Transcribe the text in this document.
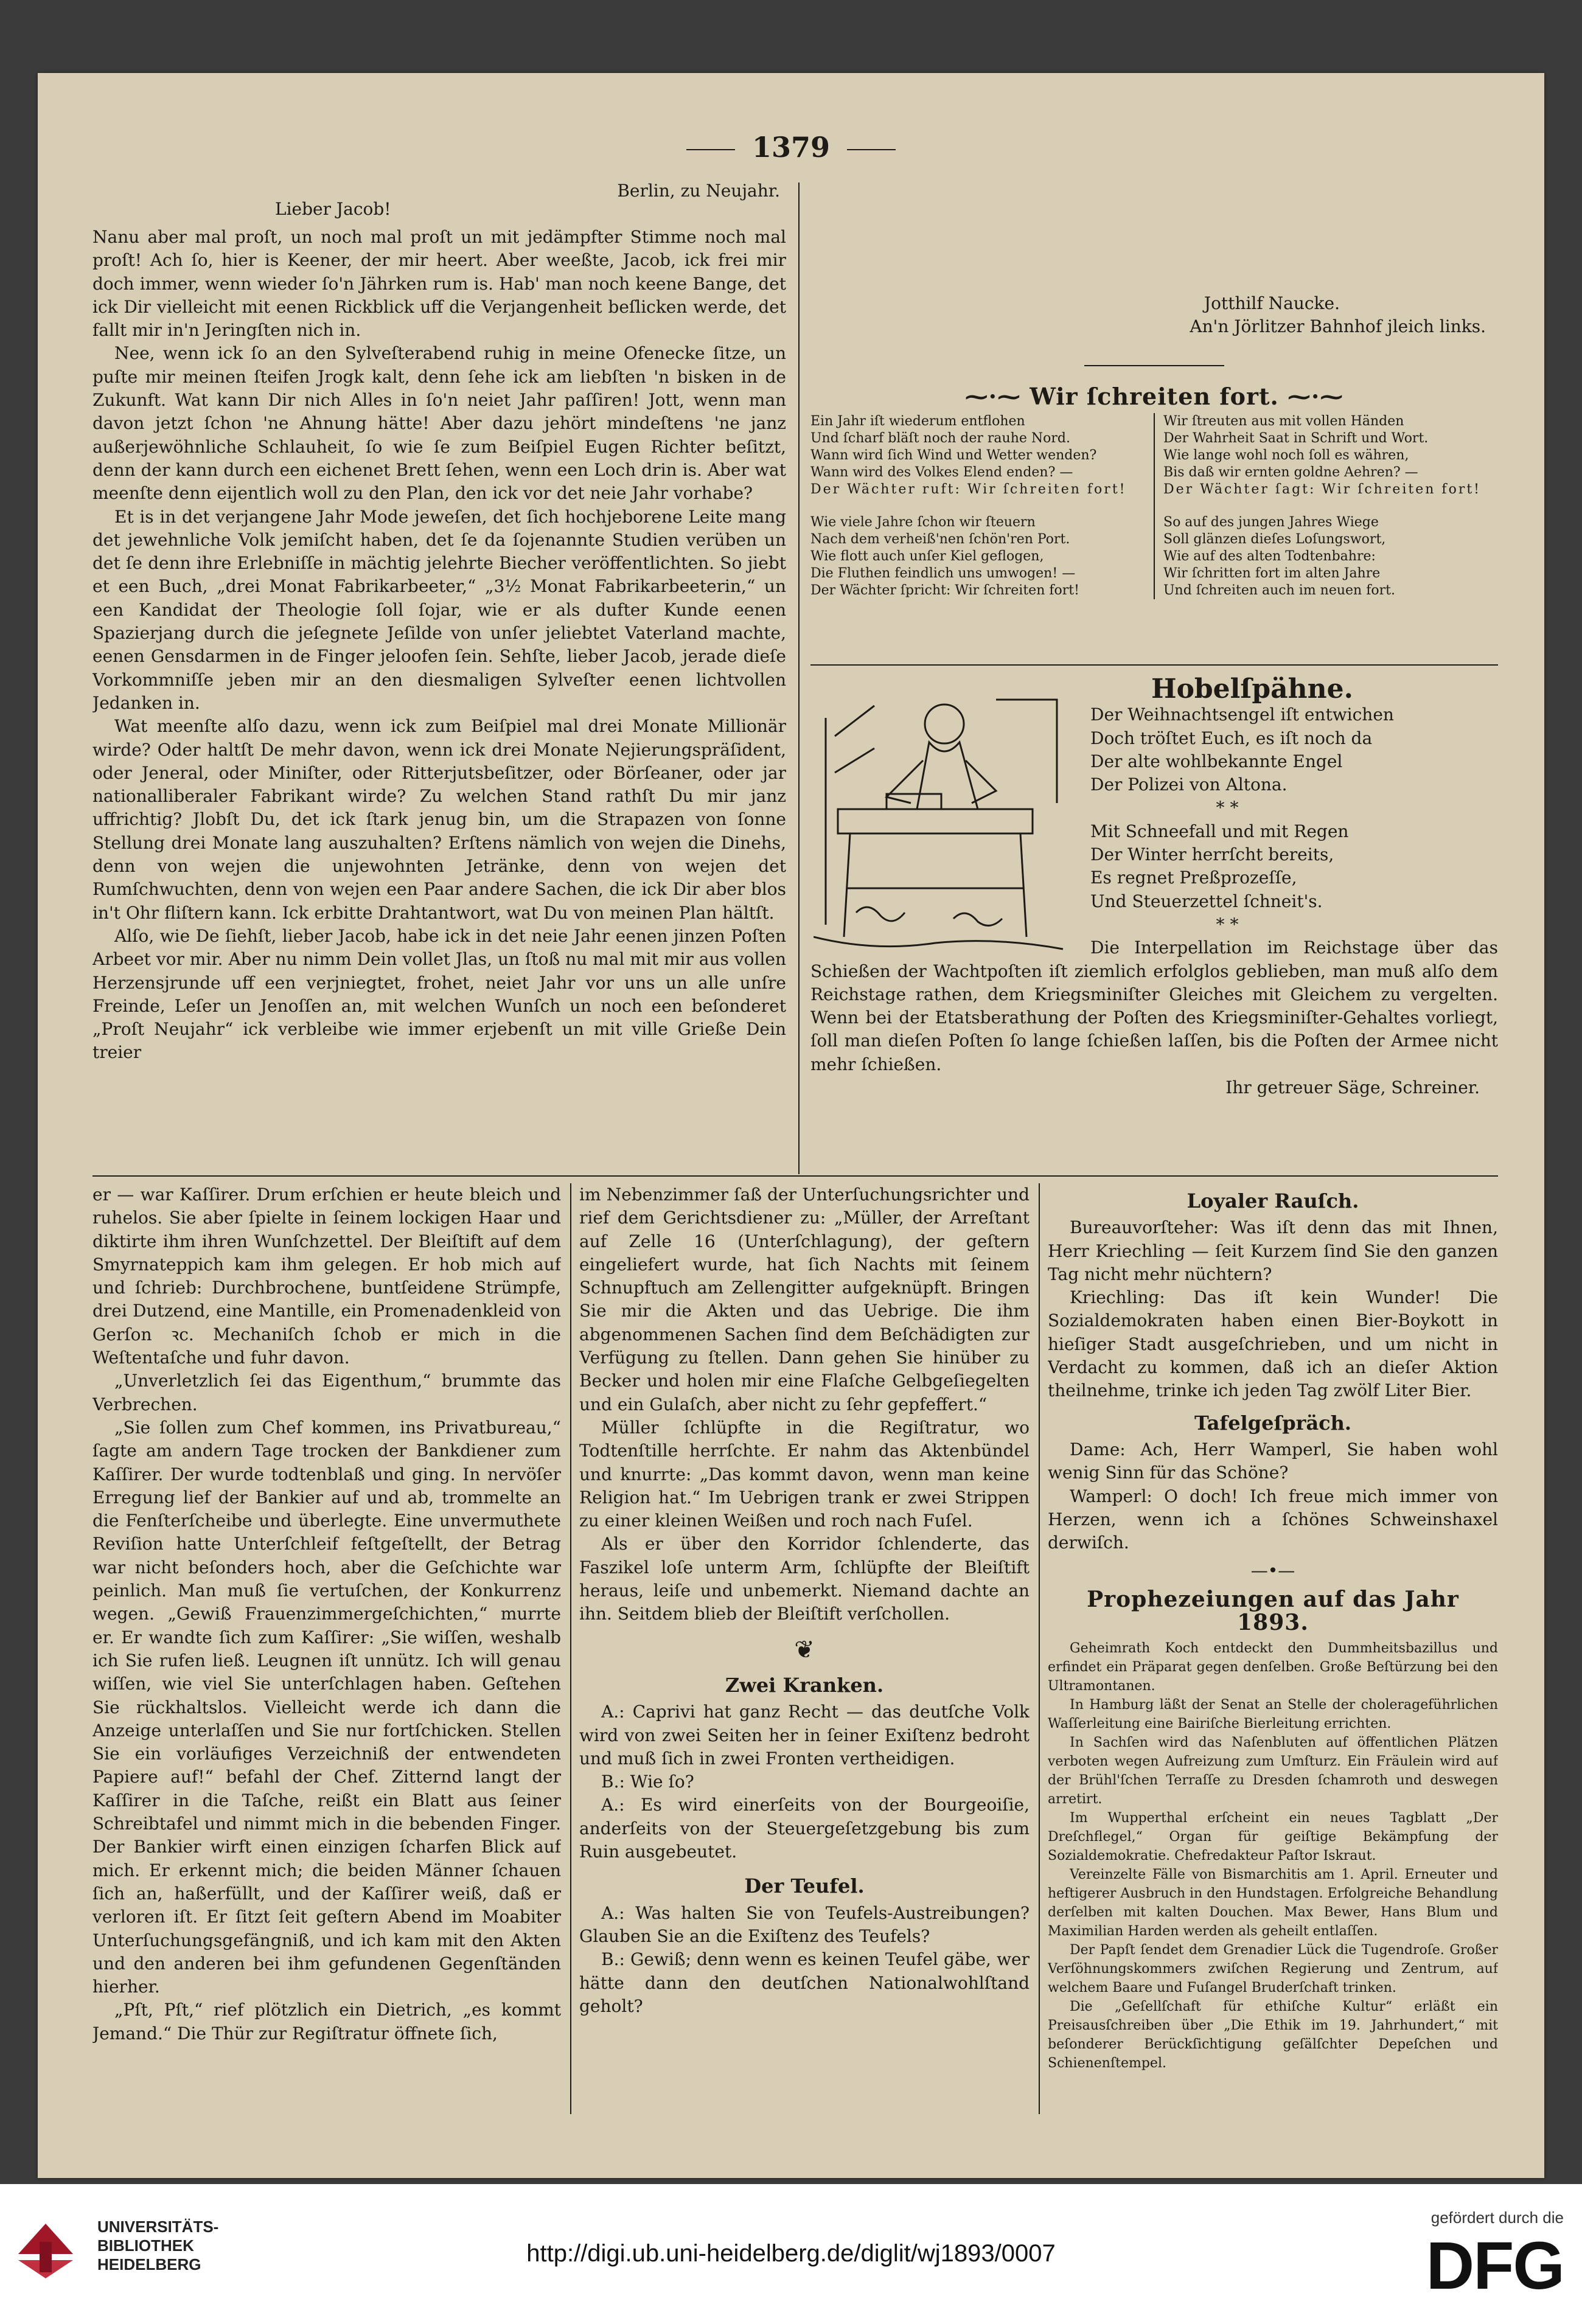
1379
Lieber Jacob!
Berlin, zu Neujahr.

Nanu aber mal proſt, un noch mal proſt un mit jedämpfter Stimme noch mal proſt! Ach ſo, hier is Keener, der mir heert. Aber weeßte, Jacob, ick frei mir doch immer, wenn wieder ſo'n Jährken rum is. Hab' man noch keene Bange, det ick Dir vielleicht mit eenen Rickblick uff die Verjangenheit beſlicken werde, det fallt mir in'n Jeringſten nich in.

Nee, wenn ick ſo an den Sylveſterabend ruhig in meine Ofenecke ſitze, un puſte mir meinen ſteifen Jrogk kalt, denn ſehe ick am liebſten 'n bisken in de Zukunft. Wat kann Dir nich Alles in ſo'n neiet Jahr paſſiren! Jott, wenn man davon jetzt ſchon 'ne Ahnung hätte! Aber dazu jehört mindeſtens 'ne janz außerjewöhnliche Schlauheit, ſo wie ſe zum Beiſpiel Eugen Richter beſitzt, denn der kann durch een eichenet Brett ſehen, wenn een Loch drin is. Aber wat meenſte denn eijentlich woll zu den Plan, den ick vor det neie Jahr vorhabe?

Et is in det verjangene Jahr Mode jeweſen, det ſich hochjeborene Leite mang det jewehnliche Volk jemiſcht haben, det ſe da ſojenannte Studien verüben un det ſe denn ihre Erlebniſſe in mächtig jelehrte Biecher veröffentlichten. So jiebt et een Buch, „drei Monat Fabrikarbeeter,“ „3½ Monat Fabrikarbeeterin,“ un een Kandidat der Theologie ſoll ſojar, wie er als dufter Kunde eenen Spazierjang durch die jeſegnete Jeſilde von unſer jeliebtet Vaterland machte, eenen Gensdarmen in de Finger jeloofen ſein. Sehſte, lieber Jacob, jerade dieſe Vorkommniſſe jeben mir an den diesmaligen Sylveſter eenen lichtvollen Jedanken in.

Wat meenſte alſo dazu, wenn ick zum Beiſpiel mal drei Monate Millionär wirde? Oder haltſt De mehr davon, wenn ick drei Monate Nejierungspräſident, oder Jeneral, oder Miniſter, oder Ritterjutsbeſitzer, oder Börſeaner, oder jar nationalliberaler Fabrikant wirde? Zu welchen Stand rathſt Du mir janz uffrichtig? Jlobſt Du, det ick ſtark jenug bin, um die Strapazen von ſonne Stellung drei Monate lang auszuhalten? Erſtens nämlich von wejen die Dinehs, denn von wejen die unjewohnten Jetränke, denn von wejen det Rumſchwuchten, denn von wejen een Paar andere Sachen, die ick Dir aber blos in't Ohr fliſtern kann. Ick erbitte Drahtantwort, wat Du von meinen Plan hältſt.

Alſo, wie De ſiehſt, lieber Jacob, habe ick in det neie Jahr eenen jinzen Poſten Arbeet vor mir. Aber nu nimm Dein vollet Jlas, un ſtoß nu mal mit mir aus vollen Herzensjrunde uff een verjniegtet, frohet, neiet Jahr vor uns un alle unſre Freinde, Leſer un Jenoſſen an, mit welchen Wunſch un noch een beſonderet „Proſt Neujahr“ ick verbleibe wie immer erjebenſt un mit ville Grieße Dein treier

Jotthilf Naucke.
An'n Jörlitzer Bahnhof jleich links.
⁓·⁓ Wir ſchreiten fort. ⁓·⁓
Ein Jahr iſt wiederum entflohen
Und ſcharf bläſt noch der rauhe Nord.
Wann wird ſich Wind und Wetter wenden?
Wann wird des Volkes Elend enden? —
Der Wächter ruft: Wir ſchreiten fort!
Wie viele Jahre ſchon wir ſteuern
Nach dem verheiß'nen ſchön'ren Port.
Wie flott auch unſer Kiel geflogen,
Die Fluthen feindlich uns umwogen! —
Der Wächter ſpricht: Wir ſchreiten fort!
Wir ſtreuten aus mit vollen Händen
Der Wahrheit Saat in Schrift und Wort.
Wie lange wohl noch ſoll es währen,
Bis daß wir ernten goldne Aehren? —
Der Wächter ſagt: Wir ſchreiten fort!
So auf des jungen Jahres Wiege
Soll glänzen dieſes Loſungswort,
Wie auf des alten Todtenbahre:
Wir ſchritten fort im alten Jahre
Und ſchreiten auch im neuen fort.
Hobelſpähne.
Der Weihnachtsengel iſt entwichen
Doch tröſtet Euch, es iſt noch da
Der alte wohlbekannte Engel
Der Polizei von Altona.
* *
Mit Schneefall und mit Regen
Der Winter herrſcht bereits,
Es regnet Preßprozeſſe,
Und Steuerzettel ſchneit's.
* *

Die Interpellation im Reichstage über das Schießen der Wachtpoſten iſt ziemlich erfolglos geblieben, man muß alſo dem Reichstage rathen, dem Kriegsminiſter Gleiches mit Gleichem zu vergelten. Wenn bei der Etatsberathung der Poſten des Kriegsminiſter-Gehaltes vorliegt, ſoll man dieſen Poſten ſo lange ſchießen laſſen, bis die Poſten der Armee nicht mehr ſchießen.

Ihr getreuer Säge, Schreiner.

er — war Kaſſirer. Drum erſchien er heute bleich und ruhelos. Sie aber ſpielte in ſeinem lockigen Haar und diktirte ihm ihren Wunſchzettel. Der Bleiſtift auf dem Smyrnateppich kam ihm gelegen. Er hob mich auf und ſchrieb: Durchbrochene, buntſeidene Strümpfe, drei Dutzend, eine Mantille, ein Promenadenkleid von Gerſon ꝛc. Mechaniſch ſchob er mich in die Weſtentaſche und fuhr davon.

„Unverletzlich ſei das Eigenthum,“ brummte das Verbrechen.

„Sie ſollen zum Chef kommen, ins Privatbureau,“ ſagte am andern Tage trocken der Bankdiener zum Kaſſirer. Der wurde todtenblaß und ging. In nervöſer Erregung lief der Bankier auf und ab, trommelte an die Fenſterſcheibe und überlegte. Eine unvermuthete Reviſion hatte Unterſchleif feſtgeſtellt, der Betrag war nicht beſonders hoch, aber die Geſchichte war peinlich. Man muß ſie vertuſchen, der Konkurrenz wegen. „Gewiß Frauenzimmergeſchichten,“ murrte er. Er wandte ſich zum Kaſſirer: „Sie wiſſen, weshalb ich Sie rufen ließ. Leugnen iſt unnütz. Ich will genau wiſſen, wie viel Sie unterſchlagen haben. Geſtehen Sie rückhaltslos. Vielleicht werde ich dann die Anzeige unterlaſſen und Sie nur fortſchicken. Stellen Sie ein vorläufiges Verzeichniß der entwendeten Papiere auf!“ befahl der Chef. Zitternd langt der Kaſſirer in die Taſche, reißt ein Blatt aus ſeiner Schreibtafel und nimmt mich in die bebenden Finger. Der Bankier wirft einen einzigen ſcharfen Blick auf mich. Er erkennt mich; die beiden Männer ſchauen ſich an, haßerfüllt, und der Kaſſirer weiß, daß er verloren iſt. Er ſitzt ſeit geſtern Abend im Moabiter Unterſuchungsgefängniß, und ich kam mit den Akten und den anderen bei ihm gefundenen Gegenſtänden hierher.

„Pſt, Pſt,“ rief plötzlich ein Dietrich, „es kommt Jemand.“ Die Thür zur Regiſtratur öffnete ſich,

im Nebenzimmer ſaß der Unterſuchungsrichter und rief dem Gerichtsdiener zu: „Müller, der Arreſtant auf Zelle 16 (Unterſchlagung), der geſtern eingeliefert wurde, hat ſich Nachts mit ſeinem Schnupftuch am Zellengitter aufgeknüpft. Bringen Sie mir die Akten und das Uebrige. Die ihm abgenommenen Sachen ſind dem Beſchädigten zur Verfügung zu ſtellen. Dann gehen Sie hinüber zu Becker und holen mir eine Flaſche Gelbgeſiegelten und ein Gulaſch, aber nicht zu ſehr gepfeffert.“

Müller ſchlüpfte in die Regiſtratur, wo Todtenſtille herrſchte. Er nahm das Aktenbündel und knurrte: „Das kommt davon, wenn man keine Religion hat.“ Im Uebrigen trank er zwei Strippen zu einer kleinen Weißen und roch nach Fuſel.

Als er über den Korridor ſchlenderte, das Faszikel loſe unterm Arm, ſchlüpfte der Bleiſtift heraus, leiſe und unbemerkt. Niemand dachte an ihn. Seitdem blieb der Bleiſtift verſchollen.

❦
Zwei Kranken.

A.: Caprivi hat ganz Recht — das deutſche Volk wird von zwei Seiten her in ſeiner Exiſtenz bedroht und muß ſich in zwei Fronten vertheidigen.

B.: Wie ſo?

A.: Es wird einerſeits von der Bourgeoiſie, anderſeits von der Steuergeſetzgebung bis zum Ruin ausgebeutet.

Der Teufel.

A.: Was halten Sie von Teufels-Austreibungen? Glauben Sie an die Exiſtenz des Teufels?

B.: Gewiß; denn wenn es keinen Teufel gäbe, wer hätte dann den deutſchen Nationalwohlſtand geholt?

Loyaler Rauſch.

Bureauvorſteher: Was iſt denn das mit Ihnen, Herr Kriechling — ſeit Kurzem ſind Sie den ganzen Tag nicht mehr nüchtern?

Kriechling: Das iſt kein Wunder! Die Sozialdemokraten haben einen Bier-Boykott in hieſiger Stadt ausgeſchrieben, und um nicht in Verdacht zu kommen, daß ich an dieſer Aktion theilnehme, trinke ich jeden Tag zwölf Liter Bier.

Tafelgeſpräch.

Dame: Ach, Herr Wamperl, Sie haben wohl wenig Sinn für das Schöne?

Wamperl: O doch! Ich freue mich immer von Herzen, wenn ich a ſchönes Schweinshaxel derwiſch.

—•—
Prophezeiungen auf das Jahr 1893.

Geheimrath Koch entdeckt den Dummheitsbazillus und erfindet ein Präparat gegen denſelben. Große Beſtürzung bei den Ultramontanen.

In Hamburg läßt der Senat an Stelle der cholerageführlichen Waſſerleitung eine Bairiſche Bierleitung errichten.

In Sachſen wird das Naſenbluten auf öffentlichen Plätzen verboten wegen Aufreizung zum Umſturz. Ein Fräulein wird auf der Brühl'ſchen Terraſſe zu Dresden ſchamroth und deswegen arretirt.

Im Wupperthal erſcheint ein neues Tagblatt „Der Dreſchflegel,“ Organ für geiſtige Bekämpfung der Sozialdemokratie. Chefredakteur Paſtor Iskraut.

Vereinzelte Fälle von Bismarchitis am 1. April. Erneuter und heftigerer Ausbruch in den Hundstagen. Erfolgreiche Behandlung derſelben mit kalten Douchen. Max Bewer, Hans Blum und Maximilian Harden werden als geheilt entlaſſen.

Der Papſt ſendet dem Grenadier Lück die Tugendroſe. Großer Verſöhnungskommers zwiſchen Regierung und Zentrum, auf welchem Baare und Fuſangel Bruderſchaft trinken.

Die „Geſellſchaft für ethiſche Kultur“ erläßt ein Preisausſchreiben über „Die Ethik im 19. Jahrhundert,“ mit beſonderer Berückſichtigung geſälſchter Depeſchen und Schienenſtempel.

UNIVERSITÄTS-
BIBLIOTHEK
HEIDELBERG	http://digi.ub.uni-heidelberg.de/diglit/wj1893/0007
gefördert durch die
DFG
